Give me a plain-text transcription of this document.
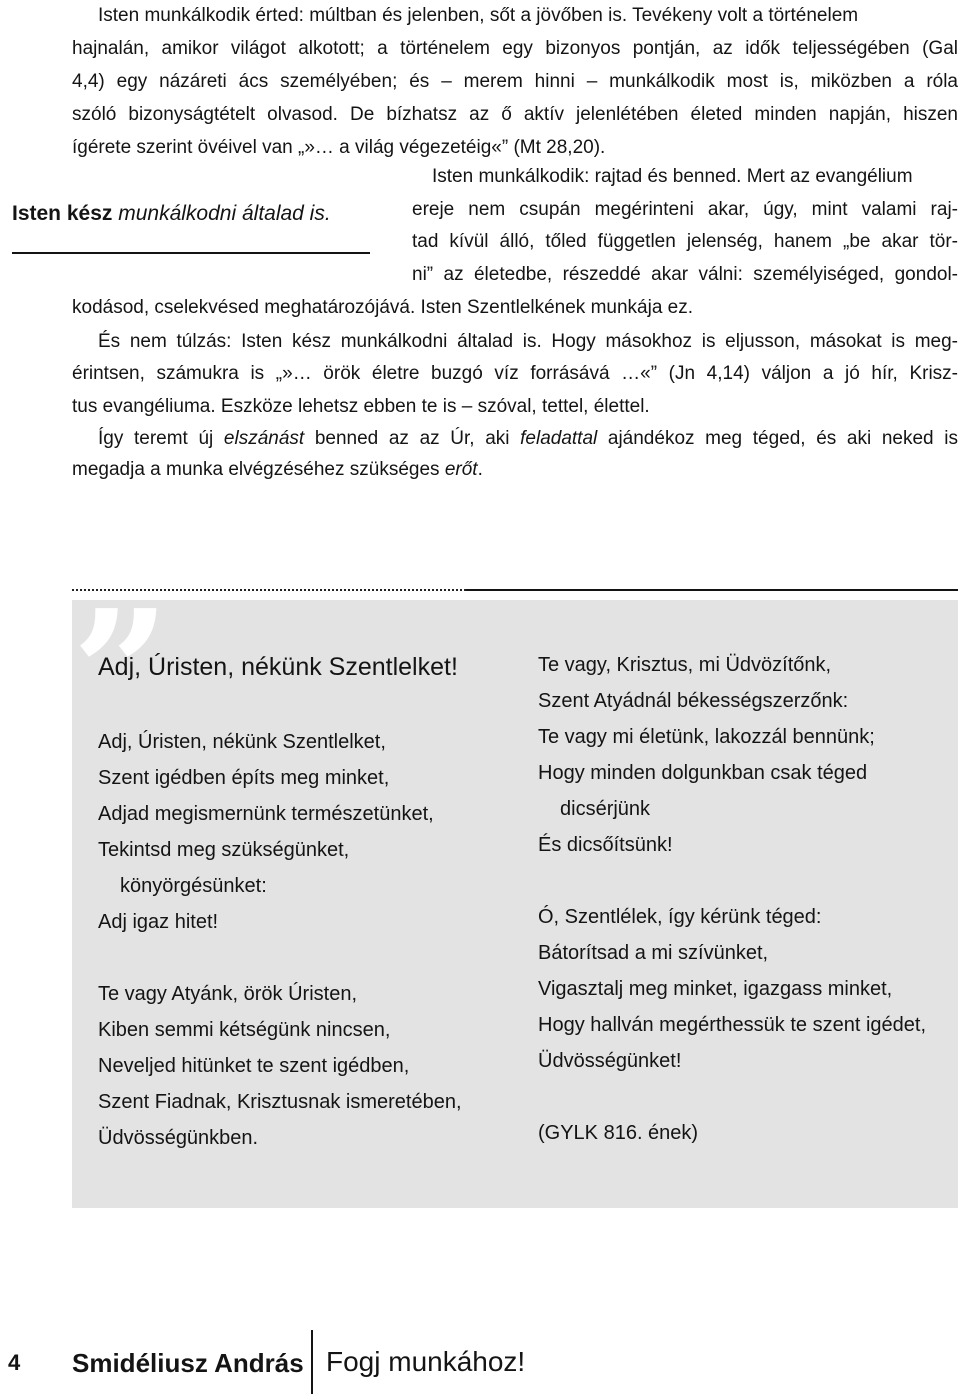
Isten munkálkodik érted: múltban és jelenben, sőt a jövőben is. Tevékeny volt a történelem
hajnalán, amikor világot alkotott; a történelem egy bizonyos pontján, az idők teljességében (Gal
4,4) egy názáreti ács személyében; és – merem hinni – munkálkodik most is, miközben a róla
szóló bizonyságtételt olvasod. De bízhatsz az ő aktív jelenlétében életed minden napján, hiszen
ígérete szerint övéivel van „»… a világ végezetéig«” (Mt 28,20).
Isten kész munkálkodni általad is.
Isten munkálkodik: rajtad és benned. Mert az evangélium
ereje nem csupán megérinteni akar, úgy, mint valami raj-
tad kívül álló, tőled független jelenség, hanem „be akar tör-
ni” az életedbe, részeddé akar válni: személyiséged, gondol-
kodásod, cselekvésed meghatározójává. Isten Szentlelkének munkája ez.
És nem túlzás: Isten kész munkálkodni általad is. Hogy másokhoz is eljusson, másokat is meg-
érintsen, számukra is „»… örök életre buzgó víz forrásává …«” (Jn 4,14) váljon a jó hír, Krisz-
tus evangéliuma. Eszköze lehetsz ebben te is – szóval, tettel, élettel.
Így teremt új elszánást benned az az Úr, aki feladattal ajándékoz meg téged, és aki neked is
megadja a munka elvégzéséhez szükséges erőt.
”
Adj, Úristen, nékünk Szentlelket!
Adj, Úristen, nékünk Szentlelket,
Szent igédben építs meg minket,
Adjad megismernünk természetünket,
Tekintsd meg szükségünket,
könyörgésünket:
Adj igaz hitet!
Te vagy Atyánk, örök Úristen,
Kiben semmi kétségünk nincsen,
Neveljed hitünket te szent igédben,
Szent Fiadnak, Krisztusnak ismeretében,
Üdvösségünkben.
Te vagy, Krisztus, mi Üdvözítőnk,
Szent Atyádnál békességszerzőnk:
Te vagy mi életünk, lakozzál bennünk;
Hogy minden dolgunkban csak téged
dicsérjünk
És dicsőítsünk!
Ó, Szentlélek, így kérünk téged:
Bátorítsad a mi szívünket,
Vigasztalj meg minket, igazgass minket,
Hogy hallván megérthessük te szent igédet,
Üdvösségünket!
(GYLK 816. ének)
4 Smidéliusz András Fogj munkához!
